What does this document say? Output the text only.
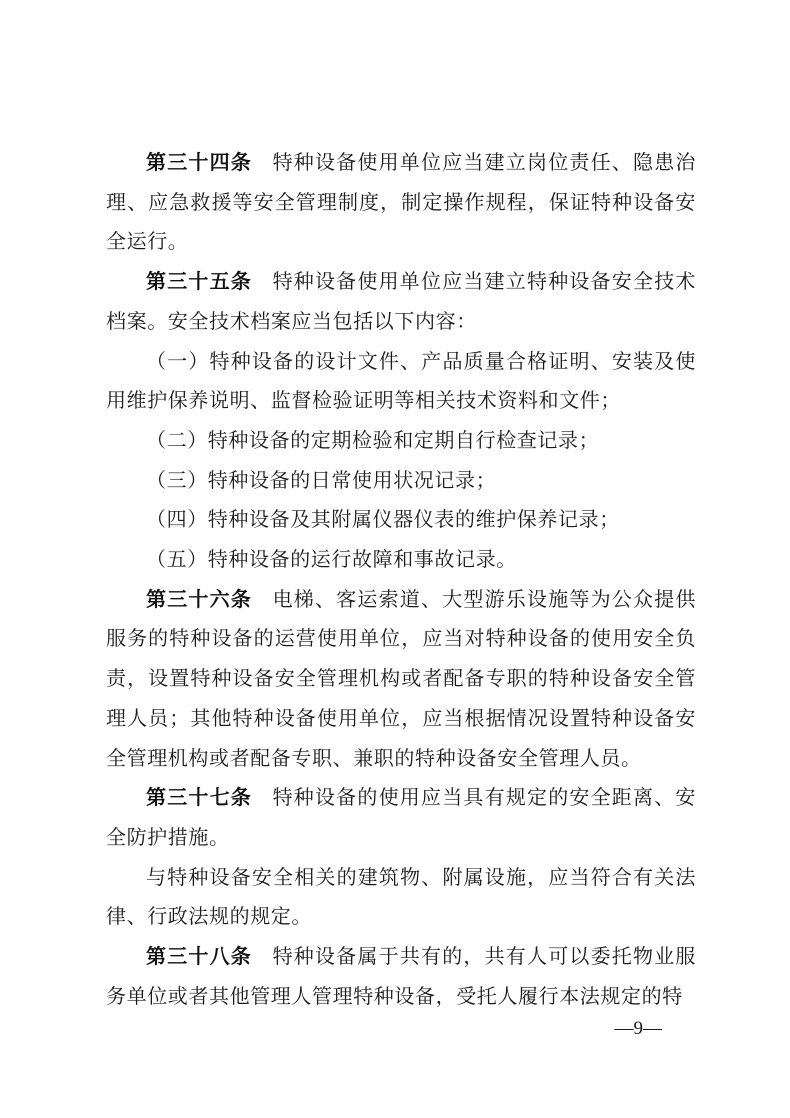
第三十四条 特种设备使用单位应当建立岗位责任、隐患治理、应急救援等安全管理制度，制定操作规程，保证特种设备安全运行。

第三十五条 特种设备使用单位应当建立特种设备安全技术档案。安全技术档案应当包括以下内容：

（一）特种设备的设计文件、产品质量合格证明、安装及使用维护保养说明、监督检验证明等相关技术资料和文件；

（二）特种设备的定期检验和定期自行检查记录；

（三）特种设备的日常使用状况记录；

（四）特种设备及其附属仪器仪表的维护保养记录；

（五）特种设备的运行故障和事故记录。

第三十六条 电梯、客运索道、大型游乐设施等为公众提供服务的特种设备的运营使用单位，应当对特种设备的使用安全负责，设置特种设备安全管理机构或者配备专职的特种设备安全管理人员；其他特种设备使用单位，应当根据情况设置特种设备安全管理机构或者配备专职、兼职的特种设备安全管理人员。

第三十七条 特种设备的使用应当具有规定的安全距离、安全防护措施。

与特种设备安全相关的建筑物、附属设施，应当符合有关法律、行政法规的规定。

第三十八条 特种设备属于共有的，共有人可以委托物业服务单位或者其他管理人管理特种设备，受托人履行本法规定的特

—9—
